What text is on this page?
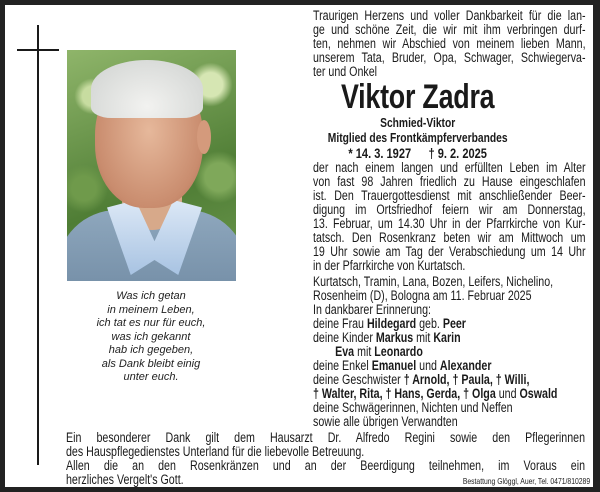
Was ich getan
in meinem Leben,
ich tat es nur für euch,
was ich gekannt
hab ich gegeben,
als Dank bleibt einig
unter euch.
Traurigen Herzens und voller Dankbarkeit für die lan-
ge und schöne Zeit, die wir mit ihm verbringen durf-
ten, nehmen wir Abschied von meinem lieben Mann,
unserem Tata, Bruder, Opa, Schwager, Schwiegerva-
ter und Onkel
Viktor Zadra
Schmied-Viktor
Mitglied des Frontkämpferverbandes
* 14. 3. 1927 † 9. 2. 2025
der nach einem langen und erfüllten Leben im Alter
von fast 98 Jahren friedlich zu Hause eingeschlafen
ist. Den Trauergottesdienst mit anschließender Beer-
digung im Ortsfriedhof feiern wir am Donnerstag,
13. Februar, um 14.30 Uhr in der Pfarrkirche von Kur-
tatsch. Den Rosenkranz beten wir am Mittwoch um
19 Uhr sowie am Tag der Verabschiedung um 14 Uhr
in der Pfarrkirche von Kurtatsch.
Kurtatsch, Tramin, Lana, Bozen, Leifers, Nichelino,
Rosenheim (D), Bologna am 11. Februar 2025
In dankbarer Erinnerung:
deine Frau Hildegard geb. Peer
deine Kinder Markus mit Karin
Eva mit Leonardo
deine Enkel Emanuel und Alexander
deine Geschwister † Arnold, † Paula, † Willi,
† Walter, Rita, † Hans, Gerda, † Olga und Oswald
deine Schwägerinnen, Nichten und Neffen
sowie alle übrigen Verwandten
Ein besonderer Dank gilt dem Hausarzt Dr. Alfredo Regini sowie den Pflegerinnen
des Hauspflegedienstes Unterland für die liebevolle Betreuung.
Allen die an den Rosenkränzen und an der Beerdigung teilnehmen, im Voraus ein
herzliches Vergelt's Gott.	Bestattung Glöggl, Auer, Tel. 0471/810289
